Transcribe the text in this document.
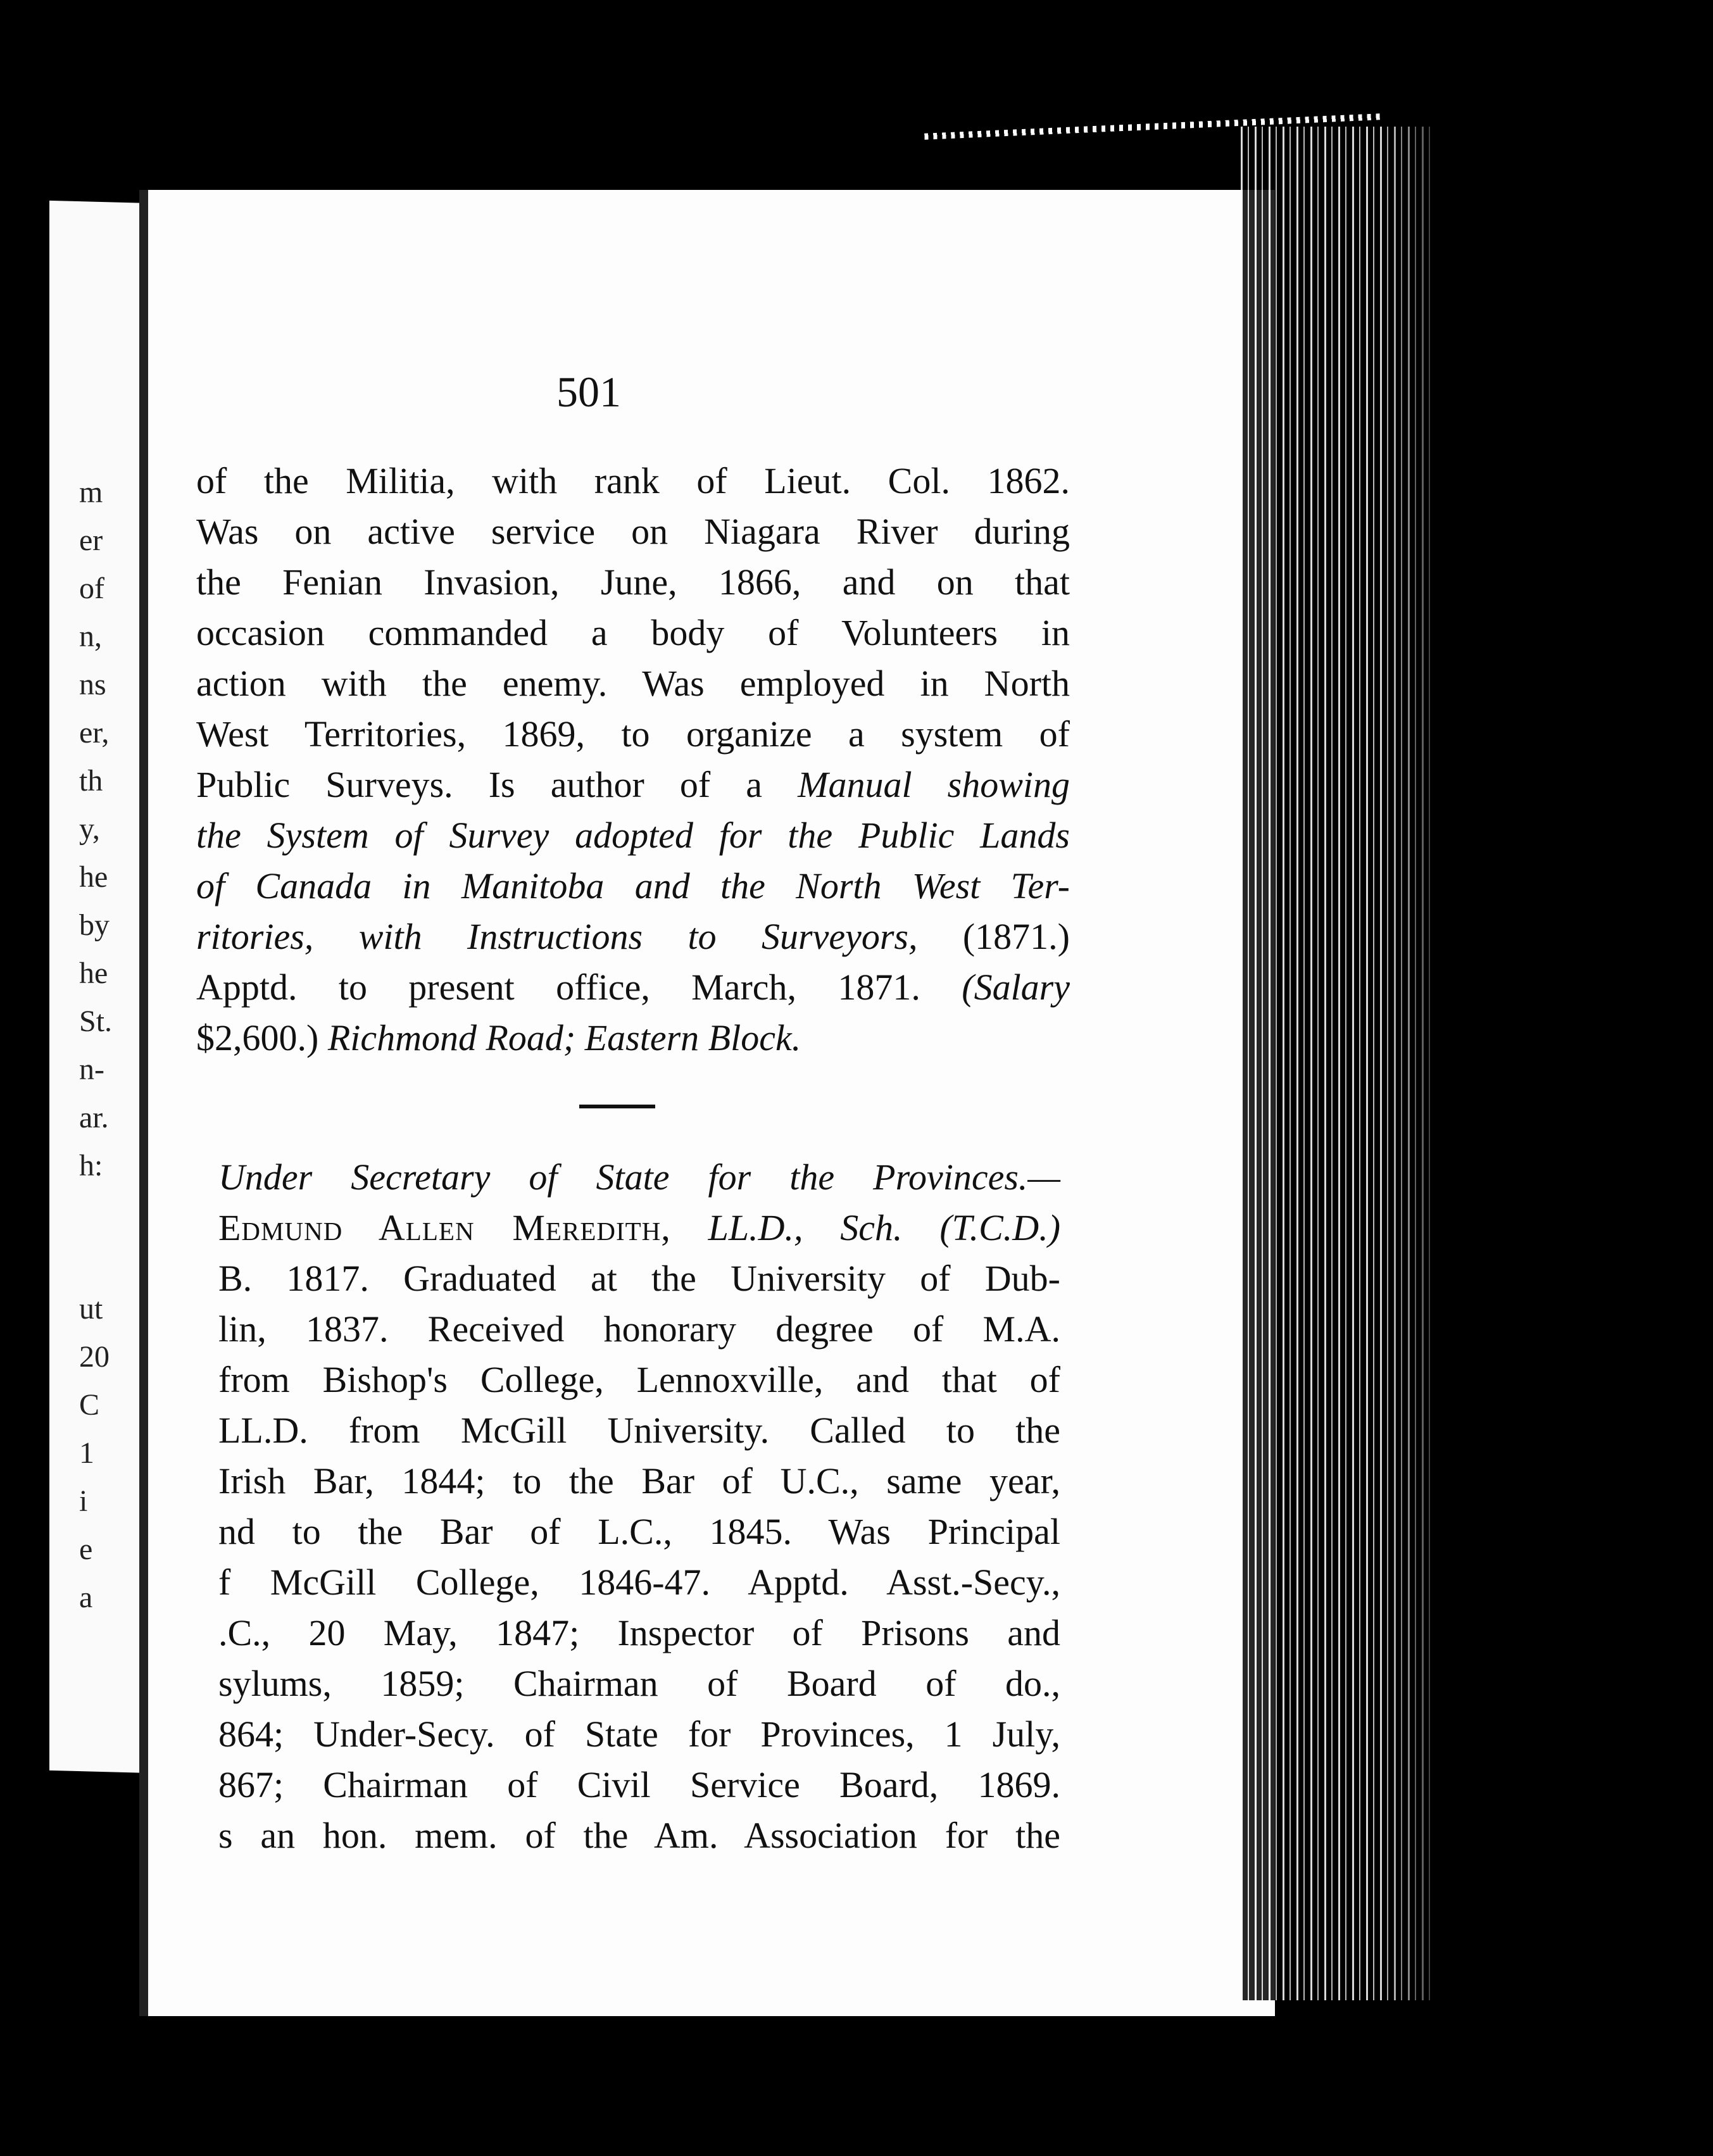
m
er
of
n,
ns
er,
th
y,
he
by
he
St.
n-
ar.
h:
ut
20
C
1
i
e
a
501
of the Militia, with rank of Lieut. Col. 1862.
Was on active service on Niagara River during
the Fenian Invasion, June, 1866, and on that
occasion commanded a body of Volunteers in
action with the enemy. Was employed in North
West Territories, 1869, to organize a system of
Public Surveys. Is author of a Manual showing
the System of Survey adopted for the Public Lands
of Canada in Manitoba and the North West Ter-
ritories, with Instructions to Surveyors, (1871.)
Apptd. to present office, March, 1871. (Salary
$2,600.) Richmond Road; Eastern Block.
Under Secretary of State for the Provinces.—
Edmund Allen Meredith, LL.D., Sch. (T.C.D.)
B. 1817. Graduated at the University of Dub-
lin, 1837. Received honorary degree of M.A.
from Bishop's College, Lennoxville, and that of
LL.D. from McGill University. Called to the
Irish Bar, 1844; to the Bar of U.C., same year,
nd to the Bar of L.C., 1845. Was Principal
f McGill College, 1846-47. Apptd. Asst.-Secy.,
.C., 20 May, 1847; Inspector of Prisons and
sylums, 1859; Chairman of Board of do.,
864; Under-Secy. of State for Provinces, 1 July,
867; Chairman of Civil Service Board, 1869.
s an hon. mem. of the Am. Association for the
